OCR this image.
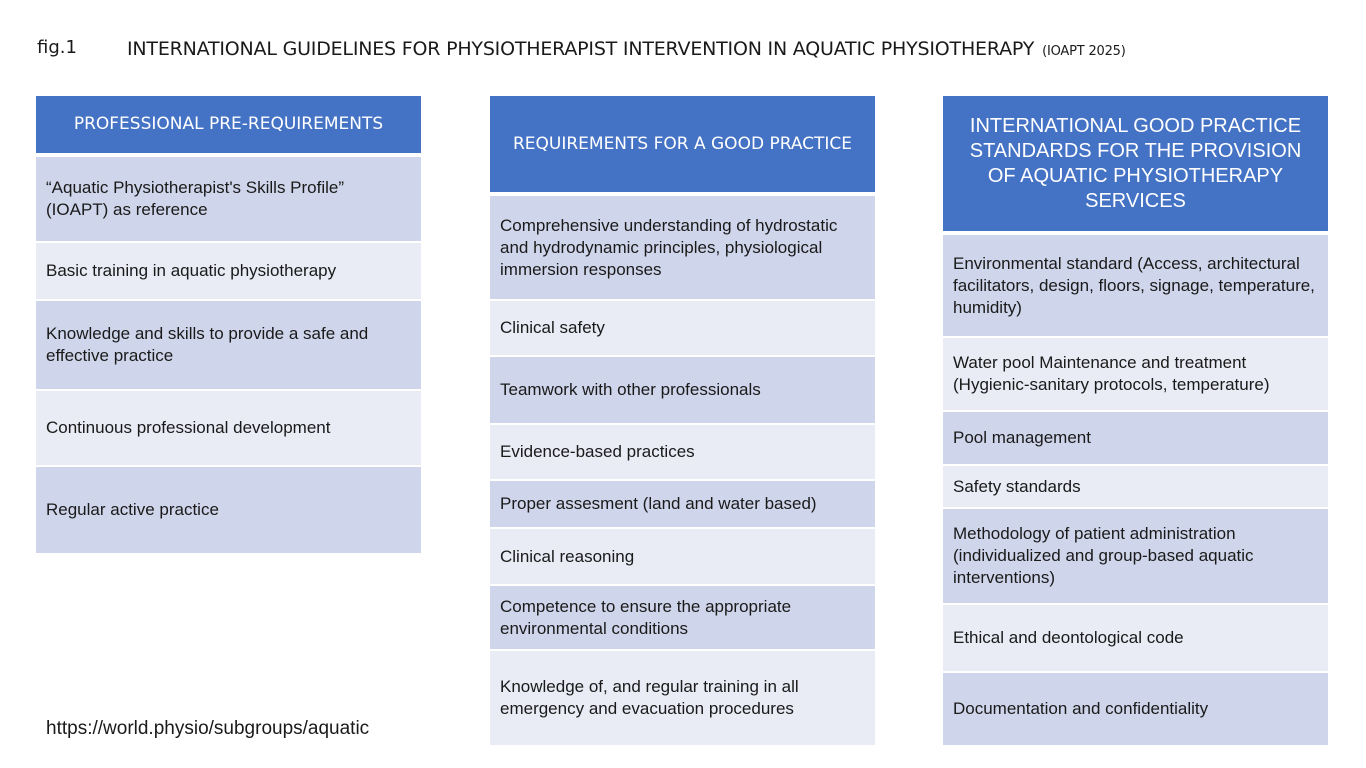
fig.1	INTERNATIONAL GUIDELINES FOR PHYSIOTHERAPIST INTERVENTION IN AQUATIC PHYSIOTHERAPY (IOAPT 2025)
PROFESSIONAL PRE-REQUIREMENTS
“Aquatic Physiotherapist's Skills Profile” (IOAPT) as reference
Basic training in aquatic physiotherapy
Knowledge and skills to provide a safe and effective practice
Continuous professional development
Regular active practice
REQUIREMENTS FOR A GOOD PRACTICE
Comprehensive understanding of hydrostatic and hydrodynamic principles, physiological immersion responses
Clinical safety
Teamwork with other professionals
Evidence-based practices
Proper assesment (land and water based)
Clinical reasoning
Competence to ensure the appropriate environmental conditions
Knowledge of, and regular training in all emergency and evacuation procedures
INTERNATIONAL GOOD PRACTICE STANDARDS FOR THE PROVISION OF AQUATIC PHYSIOTHERAPY SERVICES
Environmental standard (Access, architectural facilitators, design, floors, signage, temperature, humidity)
Water pool Maintenance and treatment (Hygienic-sanitary protocols, temperature)
Pool management
Safety standards
Methodology of patient administration (individualized and group-based aquatic interventions)
Ethical and deontological code
Documentation and confidentiality
https://world.physio/subgroups/aquatic
